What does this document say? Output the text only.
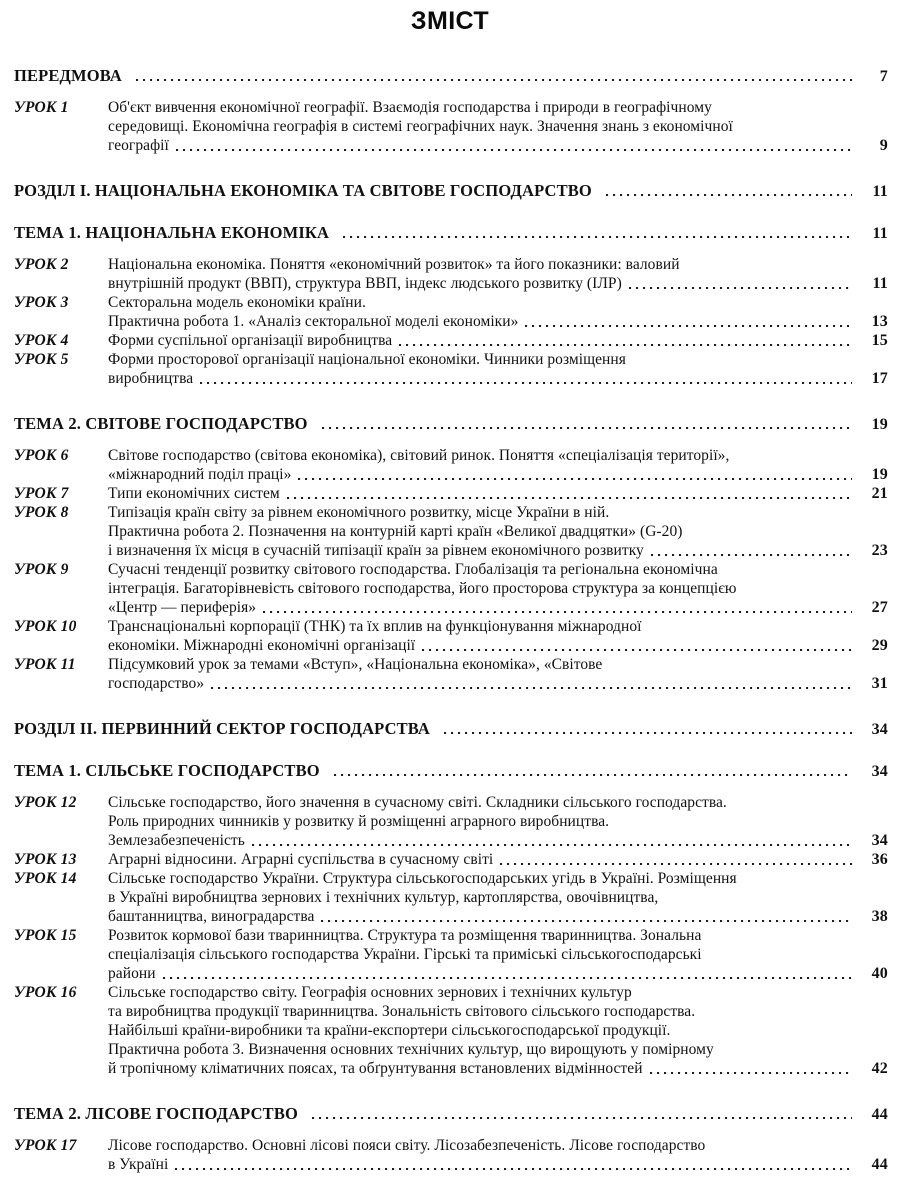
ЗМІСТ
ПЕРЕДМОВА	7
УРОК 1	Об'єкт вивчення економічної географії. Взаємодія господарства і природи в географічному
середовищі. Економічна географія в системі географічних наук. Значення знань з економічної
географії	9
РОЗДІЛ І. НАЦІОНАЛЬНА ЕКОНОМІКА ТА СВІТОВЕ ГОСПОДАРСТВО	11
ТЕМА 1. НАЦІОНАЛЬНА ЕКОНОМІКА	11
УРОК 2	Національна економіка. Поняття «економічний розвиток» та його показники: валовий
внутрішній продукт (ВВП), структура ВВП, індекс людського розвитку (ІЛР)	11
УРОК 3	Секторальна модель економіки країни.
Практична робота 1. «Аналіз секторальної моделі економіки»	13
УРОК 4	Форми суспільної організації виробництва	15
УРОК 5	Форми просторової організації національної економіки. Чинники розміщення
виробництва	17
ТЕМА 2. СВІТОВЕ ГОСПОДАРСТВО	19
УРОК 6	Світове господарство (світова економіка), світовий ринок. Поняття «спеціалізація території»,
«міжнародний поділ праці»	19
УРОК 7	Типи економічних систем	21
УРОК 8	Типізація країн світу за рівнем економічного розвитку, місце України в ній.
Практична робота 2. Позначення на контурній карті країн «Великої двадцятки» (G-20)
і визначення їх місця в сучасній типізації країн за рівнем економічного розвитку	23
УРОК 9	Сучасні тенденції розвитку світового господарства. Глобалізація та регіональна економічна
інтеграція. Багаторівневість світового господарства, його просторова структура за концепцією
«Центр — периферія»	27
УРОК 10	Транснаціональні корпорації (ТНК) та їх вплив на функціонування міжнародної
економіки. Міжнародні економічні організації	29
УРОК 11	Підсумковий урок за темами «Вступ», «Національна економіка», «Світове
господарство»	31
РОЗДІЛ ІІ. ПЕРВИННИЙ СЕКТОР ГОСПОДАРСТВА	34
ТЕМА 1. СІЛЬСЬКЕ ГОСПОДАРСТВО	34
УРОК 12	Сільське господарство, його значення в сучасному світі. Складники сільського господарства.
Роль природних чинників у розвитку й розміщенні аграрного виробництва.
Землезабезпеченість	34
УРОК 13	Аграрні відносини. Аграрні суспільства в сучасному світі	36
УРОК 14	Сільське господарство України. Структура сільськогосподарських угідь в Україні. Розміщення
в Україні виробництва зернових і технічних культур, картоплярства, овочівництва,
баштанництва, виноградарства	38
УРОК 15	Розвиток кормової бази тваринництва. Структура та розміщення тваринництва. Зональна
спеціалізація сільського господарства України. Гірські та приміські сільськогосподарські
райони	40
УРОК 16	Сільське господарство світу. Географія основних зернових і технічних культур
та виробництва продукції тваринництва. Зональність світового сільського господарства.
Найбільші країни-виробники та країни-експортери сільськогосподарської продукції.
Практична робота 3. Визначення основних технічних культур, що вирощують у помірному
й тропічному кліматичних поясах, та обґрунтування встановлених відмінностей	42
ТЕМА 2. ЛІСОВЕ ГОСПОДАРСТВО	44
УРОК 17	Лісове господарство. Основні лісові пояси світу. Лісозабезпеченість. Лісове господарство
в Україні	44
